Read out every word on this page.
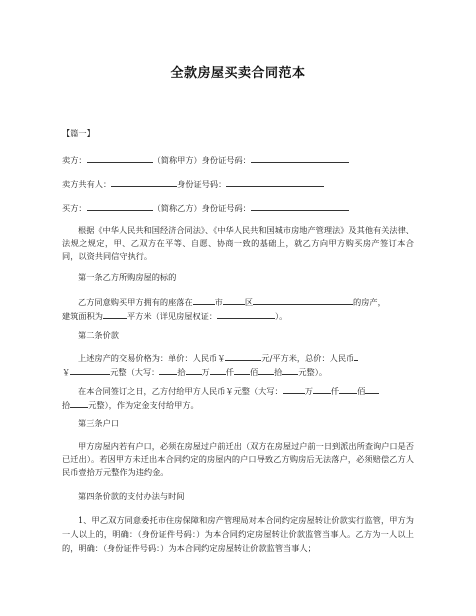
全款房屋买卖合同范本
【篇一】
卖方：	（简称甲方）身份证号码：
卖方共有人：	身份证号码：
买方：	（简称乙方）身份证号码：
根据《中华人民共和国经济合同法》、《中华人民共和国城市房地产管理法》及其他有关法律、法规之规定，甲、乙双方在平等、自愿、协商一致的基础上，就乙方向甲方购买房产签订本合同，以资共同信守执行。
第一条乙方所购房屋的标的
乙方同意购买甲方拥有的座落在	市	区	的房产，
建筑面积为	平方米（详见房屋权证：	）。
第二条价款
上述房产的交易价格为：单价：人民币￥	元/平方米，总价：人民币
￥	元整（大写： 拾 万 仟 佰 拾 元整）。
在本合同签订之日，乙方付给甲方人民币￥元整（大写：	万 仟 佰
拾 元整），作为定金支付给甲方。
第三条户口
甲方房屋内若有户口，必须在房屋过户前迁出（双方在房屋过户前一日到派出所查询户口是否已迁出）。若因甲方未迁出本合同约定的房屋内的户口导致乙方购房后无法落户，必须赔偿乙方人民币壹拾万元整作为违约金。
第四条价款的支付办法与时间
1、甲乙双方同意委托市住房保障和房产管理局对本合同约定房屋转让价款实行监管，甲方为一人以上的，明确：（身份证件号码：）为本合同约定房屋转让价款监管当事人。乙方为一人以上的，明确：（身份证件号码：）为本合同约定房屋转让价款监管当事人；
